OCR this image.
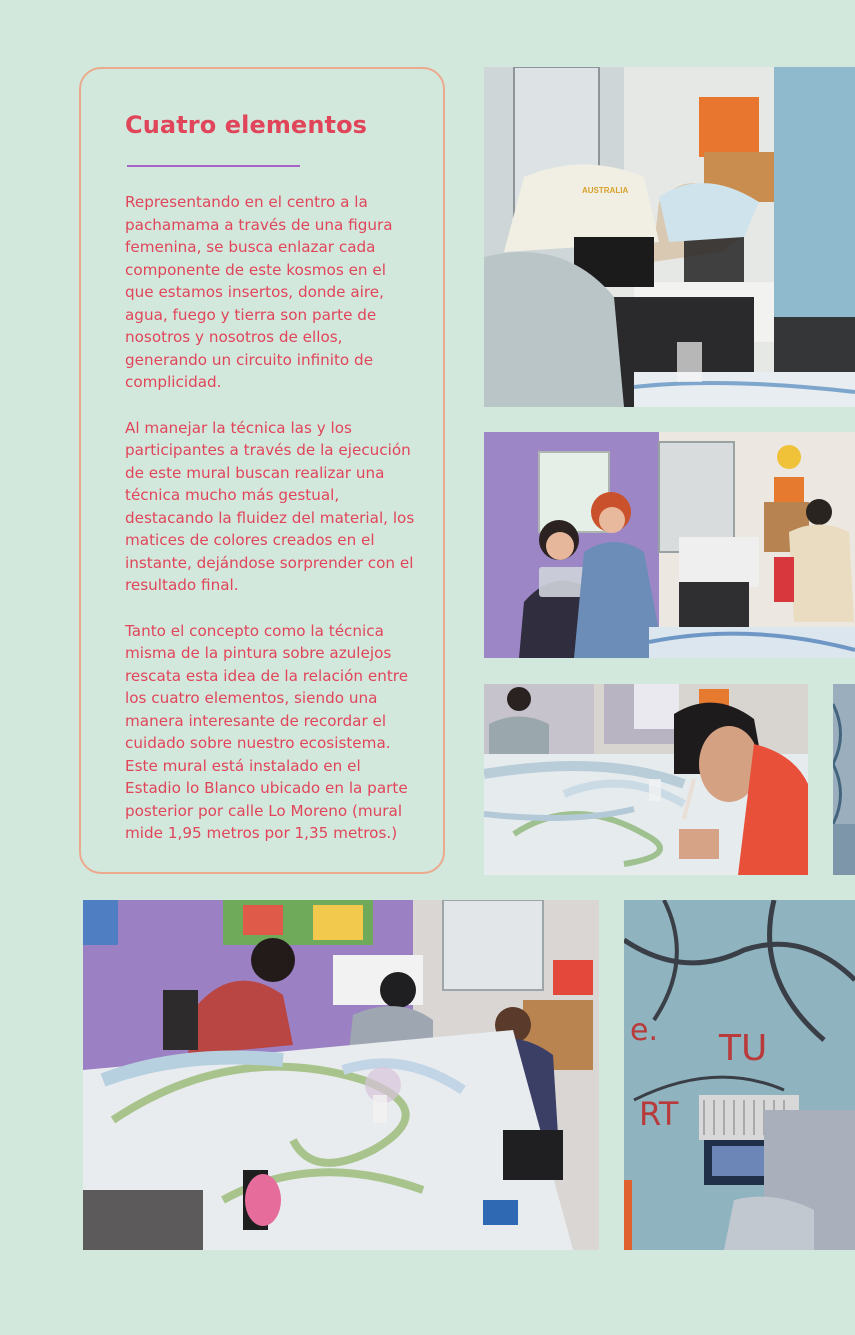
Cuatro elementos

Representando en el centro a la pachamama a través de una figura femenina, se busca enlazar cada componente de este kosmos en el que estamos insertos, donde aire, agua, fuego y tierra son parte de nosotros y nosotros de ellos, generando un circuito infinito de complicidad.

Al manejar la técnica las y los participantes a través de la ejecución de este mural buscan realizar una técnica mucho más gestual, destacando la fluidez del material, los matices de colores creados en el instante, dejándose sorprender con el resultado final.

Tanto el concepto como la técnica misma de la pintura sobre azulejos rescata esta idea de la relación entre los cuatro elementos, siendo una manera interesante de recordar el cuidado sobre nuestro ecosistema. Este mural está instalado en el Estadio lo Blanco ubicado en la parte posterior por calle Lo Moreno (mural mide 1,95 metros por 1,35 metros.)

AUSTRALIA
e. TU
RT
